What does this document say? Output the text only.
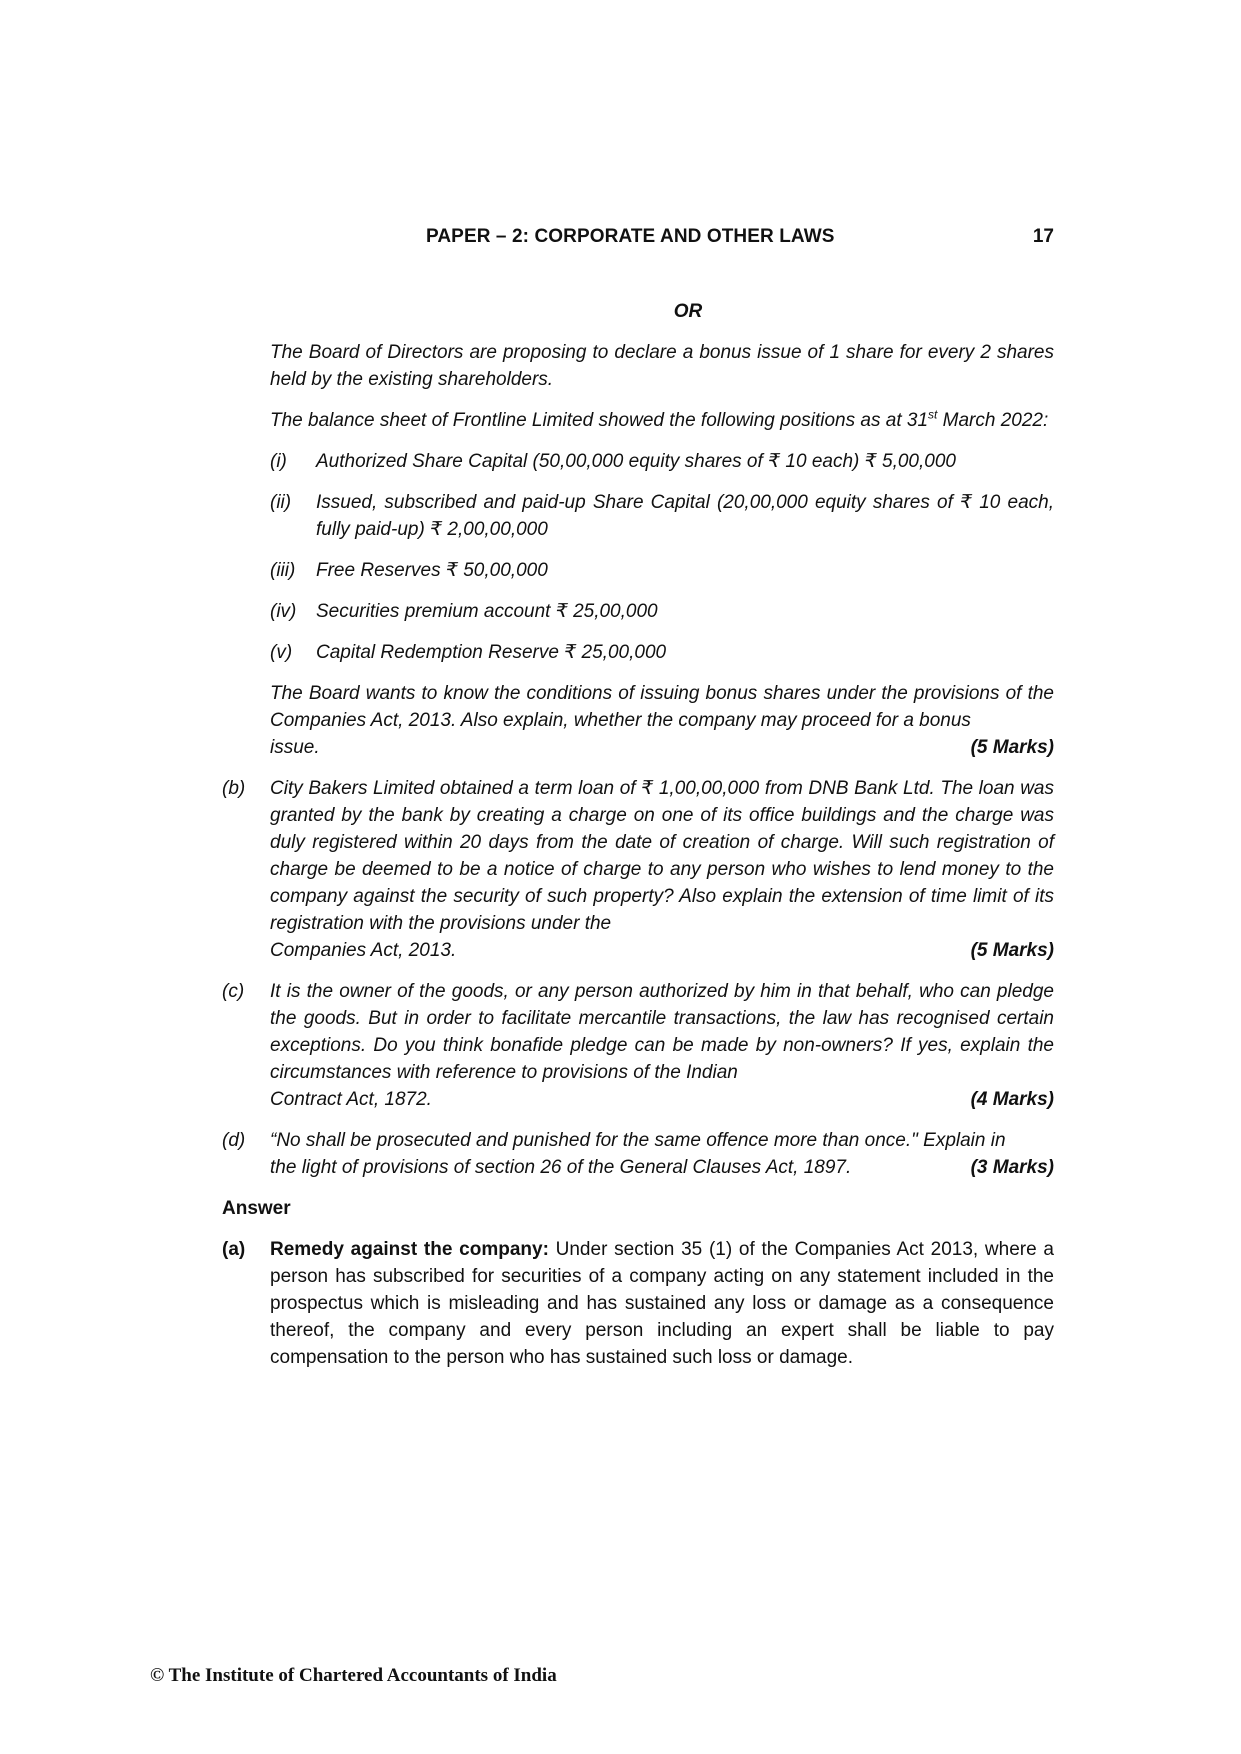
PAPER – 2: CORPORATE AND OTHER LAWS	17
OR
The Board of Directors are proposing to declare a bonus issue of 1 share for every 2 shares held by the existing shareholders.
The balance sheet of Frontline Limited showed the following positions as at 31st March 2022:
(i)	Authorized Share Capital (50,00,000 equity shares of ₹ 10 each) ₹ 5,00,000
(ii)	Issued, subscribed and paid-up Share Capital (20,00,000 equity shares of ₹ 10 each, fully paid-up) ₹ 2,00,00,000
(iii)	Free Reserves ₹ 50,00,000
(iv)	Securities premium account ₹ 25,00,000
(v)	Capital Redemption Reserve ₹ 25,00,000
The Board wants to know the conditions of issuing bonus shares under the provisions of the Companies Act, 2013. Also explain, whether the company may proceed for a bonus
issue.	(5 Marks)
(b)	City Bakers Limited obtained a term loan of ₹ 1,00,00,000 from DNB Bank Ltd. The loan was granted by the bank by creating a charge on one of its office buildings and the charge was duly registered within 20 days from the date of creation of charge. Will such registration of charge be deemed to be a notice of charge to any person who wishes to lend money to the company against the security of such property? Also explain the extension of time limit of its registration with the provisions under the
Companies Act, 2013.	(5 Marks)
(c)	It is the owner of the goods, or any person authorized by him in that behalf, who can pledge the goods. But in order to facilitate mercantile transactions, the law has recognised certain exceptions. Do you think bonafide pledge can be made by non-owners? If yes, explain the circumstances with reference to provisions of the Indian
Contract Act, 1872.	(4 Marks)
(d)	“No shall be prosecuted and punished for the same offence more than once." Explain in
the light of provisions of section 26 of the General Clauses Act, 1897.	(3 Marks)
Answer
(a)	Remedy against the company: Under section 35 (1) of the Companies Act 2013, where a person has subscribed for securities of a company acting on any statement included in the prospectus which is misleading and has sustained any loss or damage as a consequence thereof, the company and every person including an expert shall be liable to pay compensation to the person who has sustained such loss or damage.
© The Institute of Chartered Accountants of India
